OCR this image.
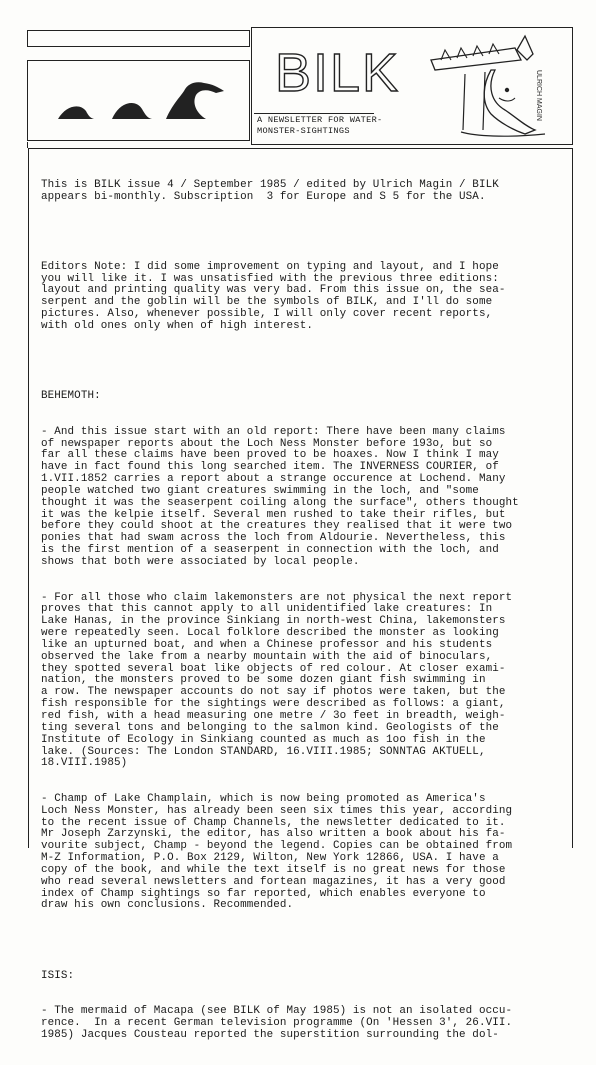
BILK
A NEWSLETTER FOR WATER-
MONSTER-SIGHTINGS
ULRICH MAGIN

This is BILK issue 4 / September 1985 / edited by Ulrich Magin / BILK
appears bi-monthly. Subscription  3 for Europe and S 5 for the USA.

Editors Note: I did some improvement on typing and layout, and I hope
you will like it. I was unsatisfied with the previous three editions:
layout and printing quality was very bad. From this issue on, the sea-
serpent and the goblin will be the symbols of BILK, and I'll do some
pictures. Also, whenever possible, I will only cover recent reports,
with old ones only when of high interest.

BEHEMOTH:

- And this issue start with an old report: There have been many claims
of newspaper reports about the Loch Ness Monster before 193o, but so
far all these claims have been proved to be hoaxes. Now I think I may
have in fact found this long searched item. The INVERNESS COURIER, of
1.VII.1852 carries a report about a strange occurence at Lochend. Many
people watched two giant creatures swimming in the loch, and "some
thought it was the seaserpent coiling along the surface", others thought
it was the kelpie itself. Several men rushed to take their rifles, but
before they could shoot at the creatures they realised that it were two
ponies that had swam across the loch from Aldourie. Nevertheless, this
is the first mention of a seaserpent in connection with the loch, and
shows that both were associated by local people.

- For all those who claim lakemonsters are not physical the next report
proves that this cannot apply to all unidentified lake creatures: In
Lake Hanas, in the province Sinkiang in north-west China, lakemonsters
were repeatedly seen. Local folklore described the monster as looking
like an upturned boat, and when a Chinese professor and his students
observed the lake from a nearby mountain with the aid of binoculars,
they spotted several boat like objects of red colour. At closer exami-
nation, the monsters proved to be some dozen giant fish swimming in
a row. The newspaper accounts do not say if photos were taken, but the
fish responsible for the sightings were described as follows: a giant,
red fish, with a head measuring one metre / 3o feet in breadth, weigh-
ting several tons and belonging to the salmon kind. Geologists of the
Institute of Ecology in Sinkiang counted as much as 1oo fish in the
lake. (Sources: The London STANDARD, 16.VIII.1985; SONNTAG AKTUELL,
18.VIII.1985)

- Champ of Lake Champlain, which is now being promoted as America's
Loch Ness Monster, has already been seen six times this year, according
to the recent issue of Champ Channels, the newsletter dedicated to it.
Mr Joseph Zarzynski, the editor, has also written a book about his fa-
vourite subject, Champ - beyond the legend. Copies can be obtained from
M-Z Information, P.O. Box 2129, Wilton, New York 12866, USA. I have a
copy of the book, and while the text itself is no great news for those
who read several newsletters and fortean magazines, it has a very good
index of Champ sightings so far reported, which enables everyone to
draw his own conclusions. Recommended.

ISIS:

- The mermaid of Macapa (see BILK of May 1985) is not an isolated occu-
rence.  In a recent German television programme (On 'Hessen 3', 26.VII.
1985) Jacques Cousteau reported the superstition surrounding the dol-
